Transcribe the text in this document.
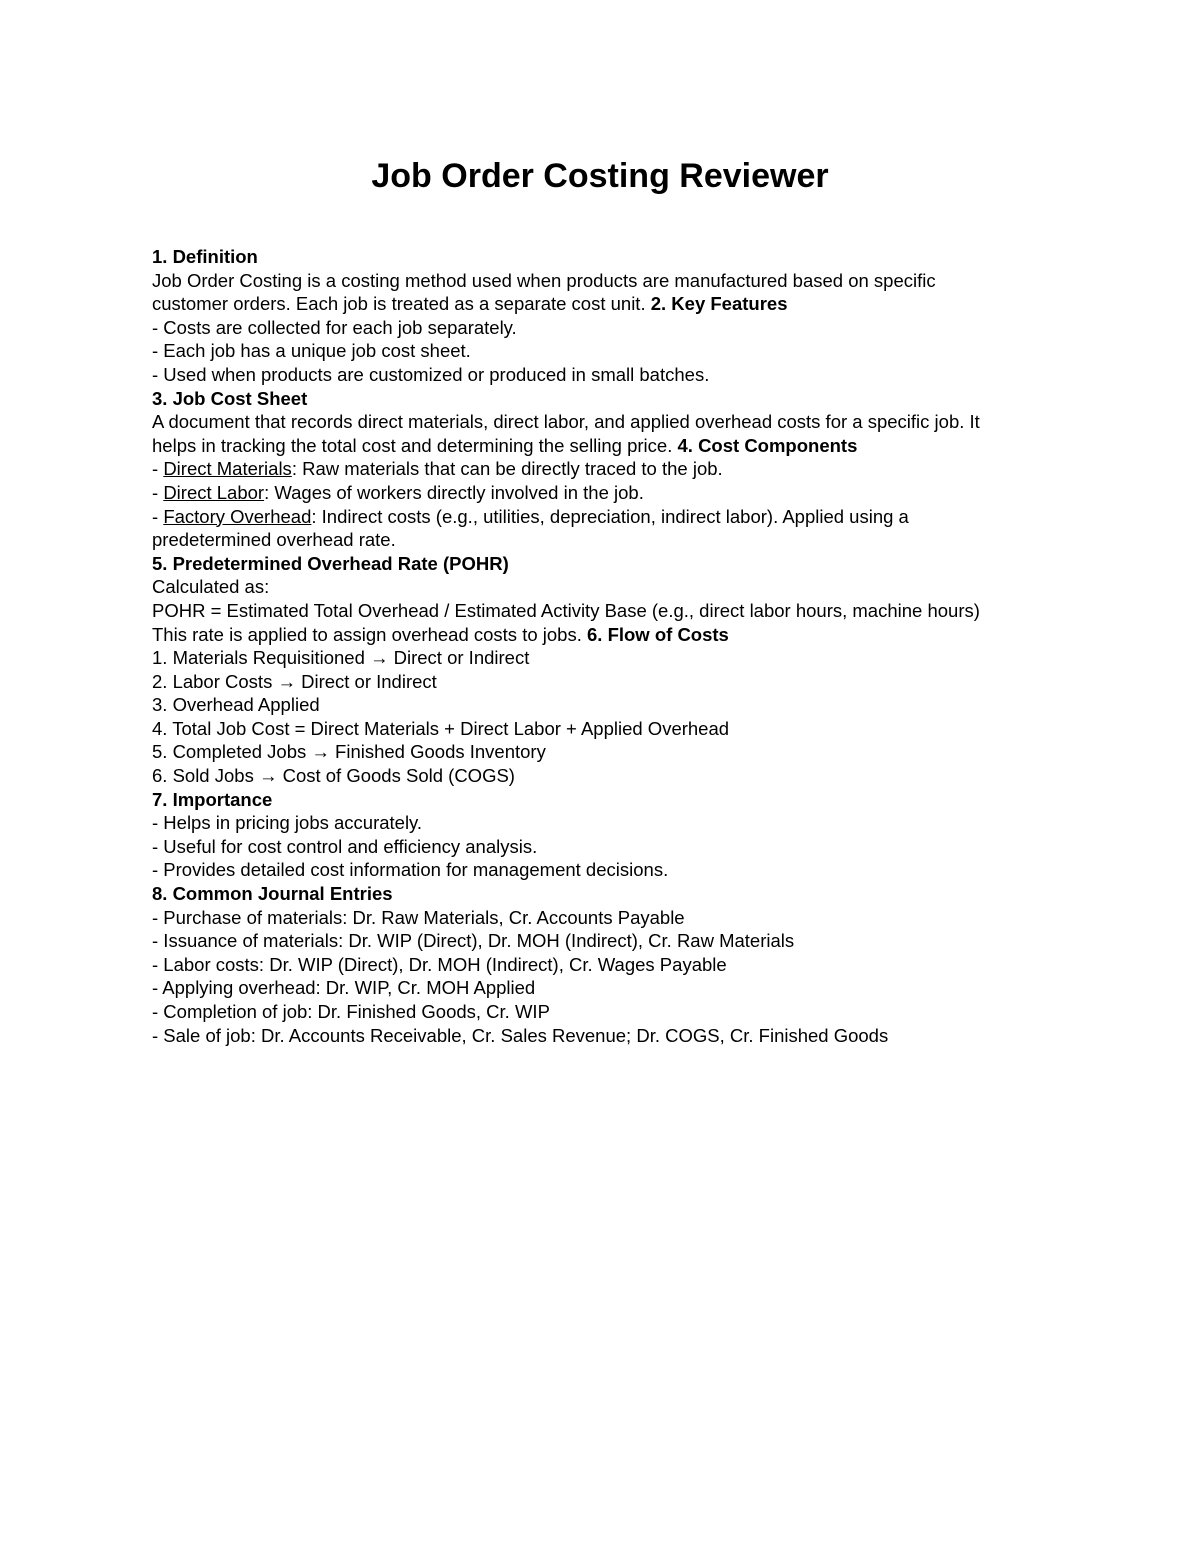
Job Order Costing Reviewer
1. Definition
Job Order Costing is a costing method used when products are manufactured based on specific
customer orders. Each job is treated as a separate cost unit. 2. Key Features
- Costs are collected for each job separately.
- Each job has a unique job cost sheet.
- Used when products are customized or produced in small batches.
3. Job Cost Sheet
A document that records direct materials, direct labor, and applied overhead costs for a specific job. It
helps in tracking the total cost and determining the selling price. 4. Cost Components
- Direct Materials: Raw materials that can be directly traced to the job.
- Direct Labor: Wages of workers directly involved in the job.
- Factory Overhead: Indirect costs (e.g., utilities, depreciation, indirect labor). Applied using a
predetermined overhead rate.
5. Predetermined Overhead Rate (POHR)
Calculated as:
POHR = Estimated Total Overhead / Estimated Activity Base (e.g., direct labor hours, machine hours)
This rate is applied to assign overhead costs to jobs. 6. Flow of Costs
1. Materials Requisitioned → Direct or Indirect
2. Labor Costs → Direct or Indirect
3. Overhead Applied
4. Total Job Cost = Direct Materials + Direct Labor + Applied Overhead
5. Completed Jobs → Finished Goods Inventory
6. Sold Jobs → Cost of Goods Sold (COGS)
7. Importance
- Helps in pricing jobs accurately.
- Useful for cost control and efficiency analysis.
- Provides detailed cost information for management decisions.
8. Common Journal Entries
- Purchase of materials: Dr. Raw Materials, Cr. Accounts Payable
- Issuance of materials: Dr. WIP (Direct), Dr. MOH (Indirect), Cr. Raw Materials
- Labor costs: Dr. WIP (Direct), Dr. MOH (Indirect), Cr. Wages Payable
- Applying overhead: Dr. WIP, Cr. MOH Applied
- Completion of job: Dr. Finished Goods, Cr. WIP
- Sale of job: Dr. Accounts Receivable, Cr. Sales Revenue; Dr. COGS, Cr. Finished Goods
